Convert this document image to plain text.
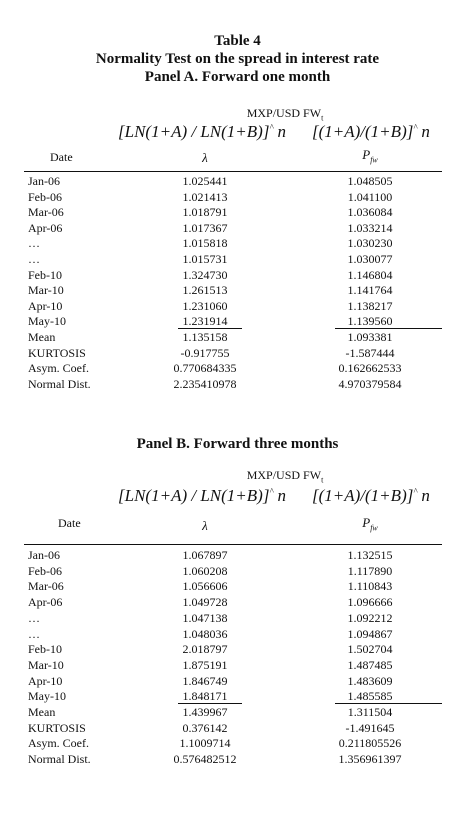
Table 4
Normality Test on the spread in interest rate
Panel A. Forward one month
MXP/USD $FW_t$
[LN(1+A) / LN(1+B)]^ n [(1+A)/(1+B)]^ n
Date	λ	$P_{fw}$
Jan-06	1.025441	1.048505
Feb-06	1.021413	1.041100
Mar-06	1.018791	1.036084
Apr-06	1.017367	1.033214
…	1.015818	1.030230
…	1.015731	1.030077
Feb-10	1.324730	1.146804
Mar-10	1.261513	1.141764
Apr-10	1.231060	1.138217
May-10	1.231914	1.139560
Mean	1.135158	1.093381
KURTOSIS	-0.917755	-1.587444
Asym. Coef.	0.770684335	0.162662533
Normal Dist.	2.235410978	4.970379584
Panel B. Forward three months
MXP/USD $FW_t$
[LN(1+A) / LN(1+B)]^ n [(1+A)/(1+B)]^ n
Date	λ	$P_{fw}$
Jan-06	1.067897	1.132515
Feb-06	1.060208	1.117890
Mar-06	1.056606	1.110843
Apr-06	1.049728	1.096666
…	1.047138	1.092212
…	1.048036	1.094867
Feb-10	2.018797	1.502704
Mar-10	1.875191	1.487485
Apr-10	1.846749	1.483609
May-10	1.848171	1.485585
Mean	1.439967	1.311504
KURTOSIS	0.376142	-1.491645
Asym. Coef.	1.1009714	0.211805526
Normal Dist.	0.576482512	1.356961397
